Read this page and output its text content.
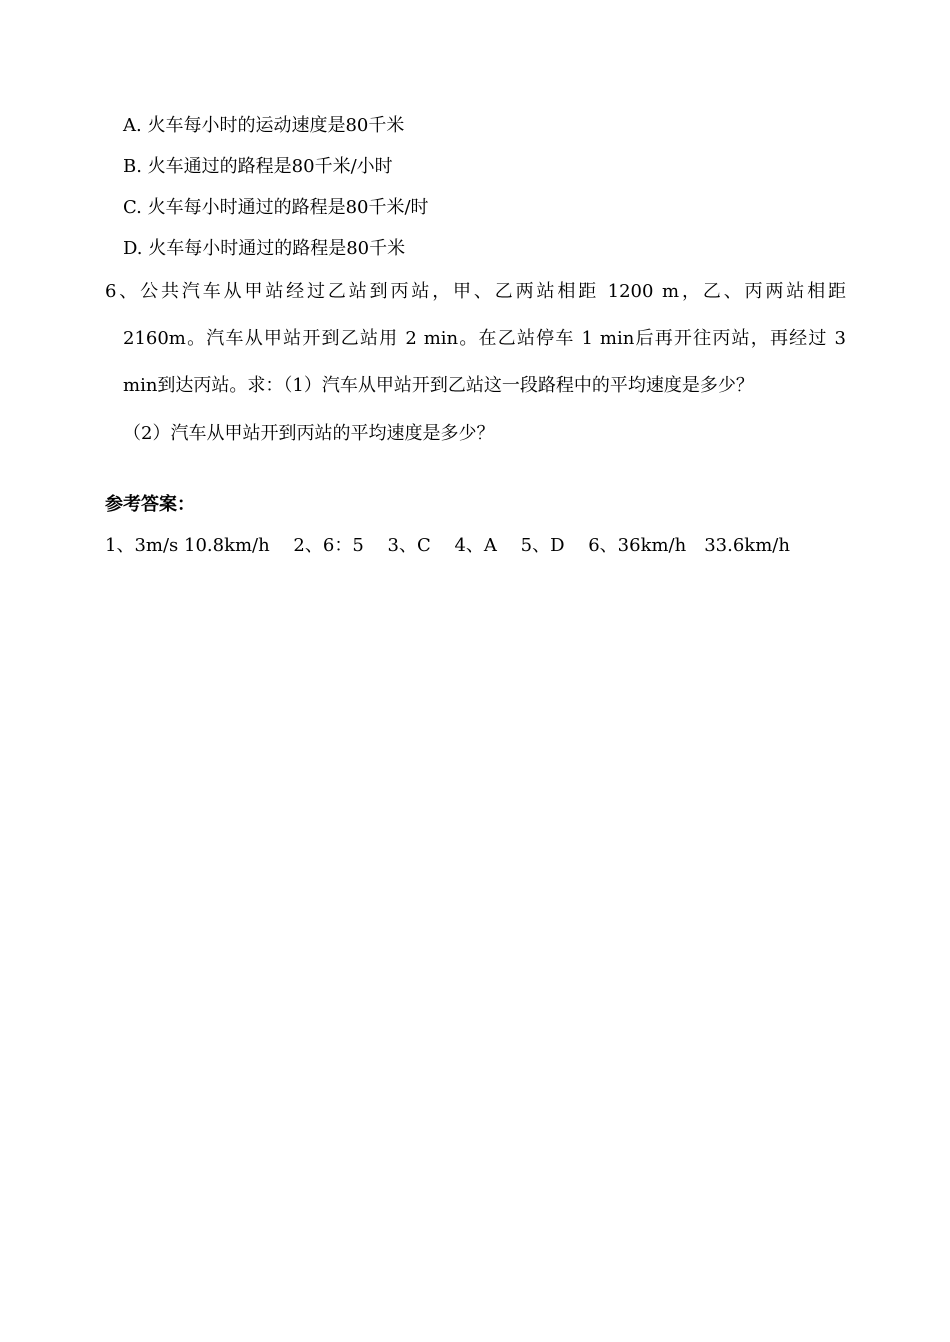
A. 火车每小时的运动速度是80千米
B. 火车通过的路程是80千米/小时
C. 火车每小时通过的路程是80千米/时
D. 火车每小时通过的路程是80千米
6、公共汽车从甲站经过乙站到丙站，甲、乙两站相距 1200 m，乙、丙两站相距
2160m。汽车从甲站开到乙站用 2 min。在乙站停车 1 min后再开往丙站，再经过 3
min到达丙站。求：（1）汽车从甲站开到乙站这一段路程中的平均速度是多少？
（2）汽车从甲站开到丙站的平均速度是多少？
参考答案：
1、3m/s 10.8km/h　 2、6：5　 3、C　 4、A　 5、D　 6、36km/h　33.6km/h
